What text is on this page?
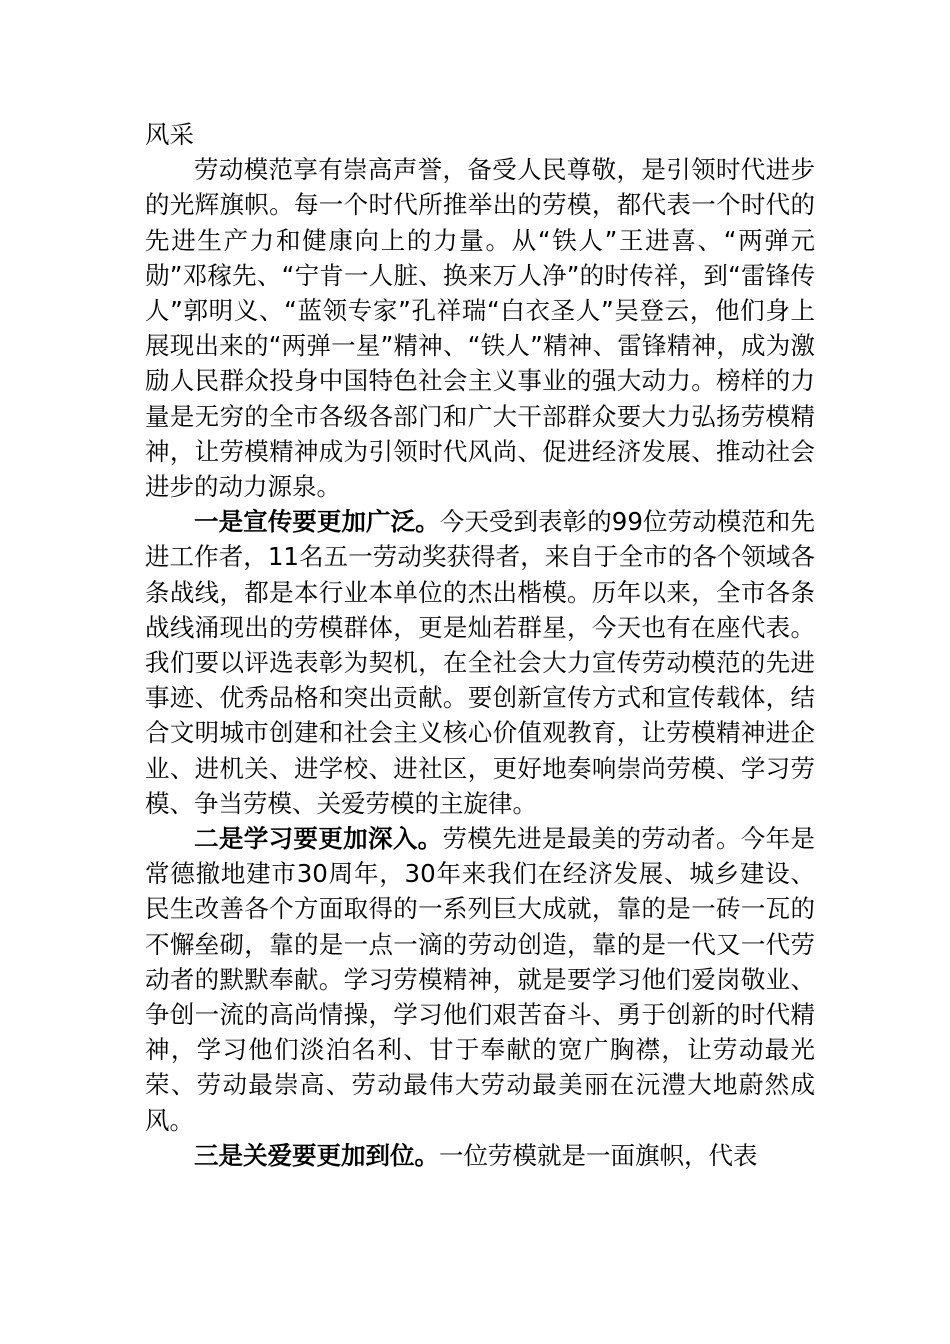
风采

劳动模范享有崇高声誉，备受人民尊敬，是引领时代进步的光辉旗帜。每一个时代所推举出的劳模，都代表一个时代的先进生产力和健康向上的力量。从“铁人”王进喜、“两弹元勋”邓稼先、“宁肯一人脏、换来万人净”的时传祥，到“雷锋传人”郭明义、“蓝领专家”孔祥瑞“白衣圣人”吴登云，他们身上展现出来的“两弹一星”精神、“铁人”精神、雷锋精神，成为激励人民群众投身中国特色社会主义事业的强大动力。榜样的力量是无穷的全市各级各部门和广大干部群众要大力弘扬劳模精神，让劳模精神成为引领时代风尚、促进经济发展、推动社会进步的动力源泉。

一是宣传要更加广泛。今天受到表彰的99位劳动模范和先进工作者，11名五一劳动奖获得者，来自于全市的各个领域各条战线，都是本行业本单位的杰出楷模。历年以来，全市各条战线涌现出的劳模群体，更是灿若群星，今天也有在座代表。我们要以评选表彰为契机，在全社会大力宣传劳动模范的先进事迹、优秀品格和突出贡献。要创新宣传方式和宣传载体，结合文明城市创建和社会主义核心价值观教育，让劳模精神进企业、进机关、进学校、进社区，更好地奏响崇尚劳模、学习劳模、争当劳模、关爱劳模的主旋律。

二是学习要更加深入。劳模先进是最美的劳动者。今年是常德撤地建市30周年，30年来我们在经济发展、城乡建设、民生改善各个方面取得的一系列巨大成就，靠的是一砖一瓦的不懈垒砌，靠的是一点一滴的劳动创造，靠的是一代又一代劳动者的默默奉献。学习劳模精神，就是要学习他们爱岗敬业、争创一流的高尚情操，学习他们艰苦奋斗、勇于创新的时代精神，学习他们淡泊名利、甘于奉献的宽广胸襟，让劳动最光荣、劳动最崇高、劳动最伟大劳动最美丽在沅澧大地蔚然成风。

三是关爱要更加到位。一位劳模就是一面旗帜，代表
